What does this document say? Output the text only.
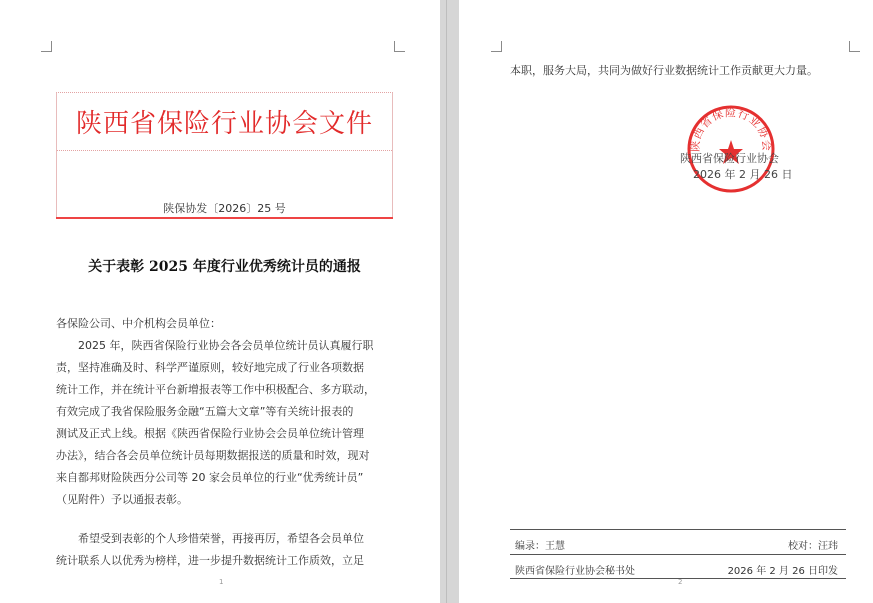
陕西省保险行业协会文件
陕保协发〔2026〕25 号
关于表彰 2025 年度行业优秀统计员的通报
各保险公司、中介机构会员单位：
　　2025 年，陕西省保险行业协会各会员单位统计员认真履行职
责，坚持准确及时、科学严谨原则，较好地完成了行业各项数据
统计工作，并在统计平台新增报表等工作中积极配合、多方联动，
有效完成了我省保险服务金融“五篇大文章”等有关统计报表的
测试及正式上线。根据《陕西省保险行业协会会员单位统计管理
办法》，结合各会员单位统计员每期数据报送的质量和时效，现对
来自都邦财险陕西分公司等 20 家会员单位的行业“优秀统计员”
（见附件）予以通报表彰。
　　希望受到表彰的个人珍惜荣誉，再接再厉，希望各会员单位
统计联系人以优秀为榜样，进一步提升数据统计工作质效，立足
1
本职，服务大局，共同为做好行业数据统计工作贡献更大力量。
陕西省保险行业协会
陕西省保险行业协会
2026 年 2 月 26 日
编录：王慧	校对：汪玮
陕西省保险行业协会秘书处	2026 年 2 月 26 日印发
2
